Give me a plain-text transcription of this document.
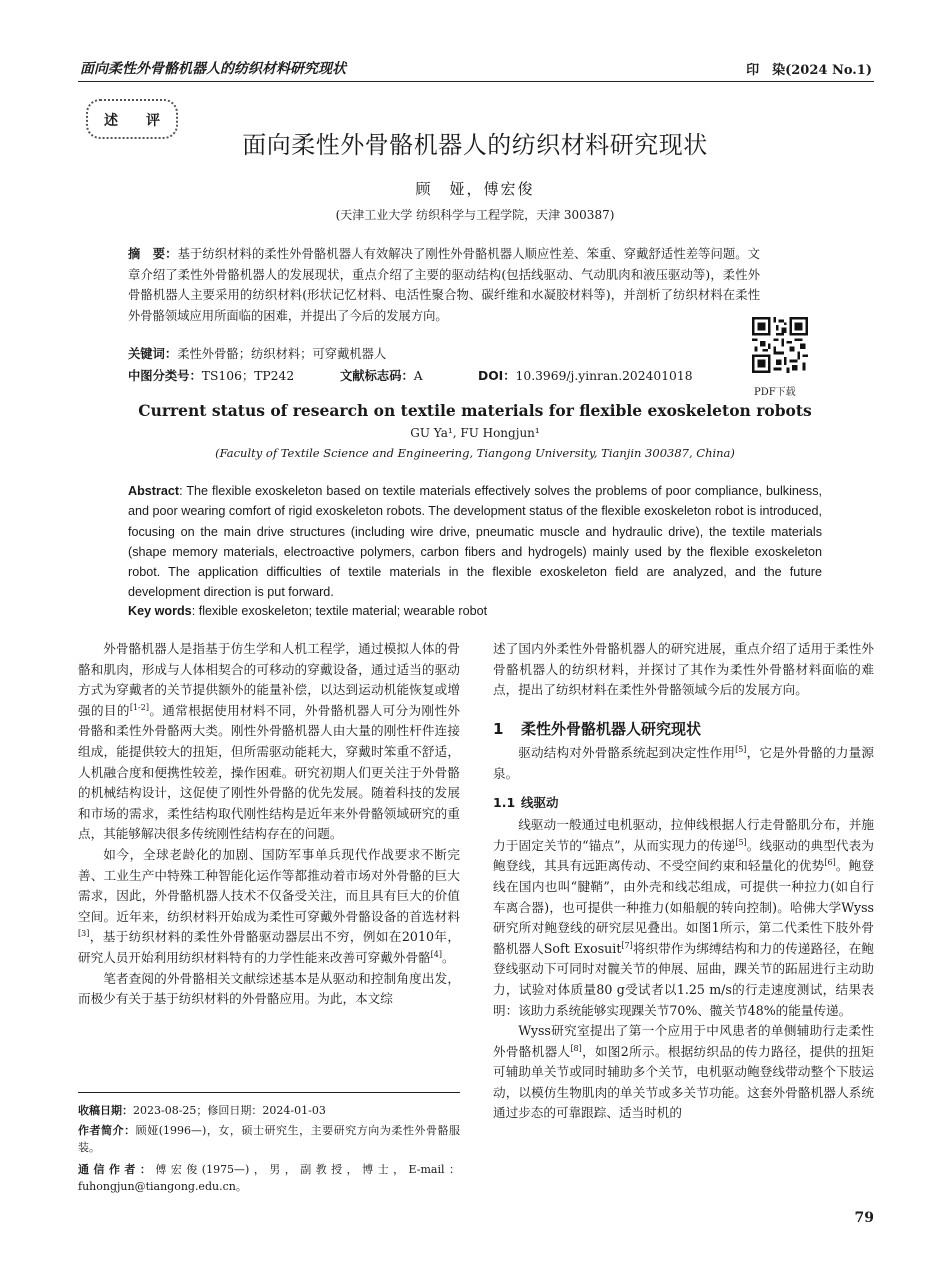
面向柔性外骨骼机器人的纺织材料研究现状	印　染(2024 No.1)
述 评
面向柔性外骨骼机器人的纺织材料研究现状
顾　娅，傅宏俊
(天津工业大学 纺织科学与工程学院，天津 300387)
摘　要：基于纺织材料的柔性外骨骼机器人有效解决了刚性外骨骼机器人顺应性差、笨重、穿戴舒适性差等问题。文章介绍了柔性外骨骼机器人的发展现状，重点介绍了主要的驱动结构(包括线驱动、气动肌肉和液压驱动等)，柔性外骨骼机器人主要采用的纺织材料(形状记忆材料、电活性聚合物、碳纤维和水凝胶材料等)，并剖析了纺织材料在柔性外骨骼领域应用所面临的困难，并提出了今后的发展方向。
关键词：柔性外骨骼；纺织材料；可穿戴机器人
中图分类号：TS106；TP242	文献标志码：A	DOI：10.3969/j.yinran.202401018
PDF下载
Current status of research on textile materials for flexible exoskeleton robots
GU Ya¹, FU Hongjun¹
(Faculty of Textile Science and Engineering, Tiangong University, Tianjin 300387, China)
Abstract: The flexible exoskeleton based on textile materials effectively solves the problems of poor compliance, bulkiness, and poor wearing comfort of rigid exoskeleton robots. The development status of the flexible exoskeleton robot is introduced, focusing on the main drive structures (including wire drive, pneumatic muscle and hydraulic drive), the textile materials (shape memory materials, electroactive polymers, carbon fibers and hydrogels) mainly used by the flexible exoskeleton robot. The application difficulties of textile materials in the flexible exoskeleton field are analyzed, and the future development direction is put forward.
Key words: flexible exoskeleton; textile material; wearable robot

外骨骼机器人是指基于仿生学和人机工程学，通过模拟人体的骨骼和肌肉，形成与人体相契合的可移动的穿戴设备，通过适当的驱动方式为穿戴者的关节提供额外的能量补偿，以达到运动机能恢复或增强的目的[1-2]。通常根据使用材料不同，外骨骼机器人可分为刚性外骨骼和柔性外骨骼两大类。刚性外骨骼机器人由大量的刚性杆件连接组成，能提供较大的扭矩，但所需驱动能耗大，穿戴时笨重不舒适，人机融合度和便携性较差，操作困难。研究初期人们更关注于外骨骼的机械结构设计，这促使了刚性外骨骼的优先发展。随着科技的发展和市场的需求，柔性结构取代刚性结构是近年来外骨骼领域研究的重点，其能够解决很多传统刚性结构存在的问题。

如今，全球老龄化的加剧、国防军事单兵现代作战要求不断完善、工业生产中特殊工种智能化运作等都推动着市场对外骨骼的巨大需求，因此，外骨骼机器人技术不仅备受关注，而且具有巨大的价值空间。近年来，纺织材料开始成为柔性可穿戴外骨骼设备的首选材料[3]，基于纺织材料的柔性外骨骼驱动器层出不穷，例如在2010年，研究人员开始利用纺织材料特有的力学性能来改善可穿戴外骨骼[4]。

笔者查阅的外骨骼相关文献综述基本是从驱动和控制角度出发，而极少有关于基于纺织材料的外骨骼应用。为此，本文综

收稿日期：2023-08-25；修回日期：2024-01-03
作者简介：顾娅(1996—)，女，硕士研究生，主要研究方向为柔性外骨骼服装。
通信作者：傅宏俊(1975—)，男，副教授，博士，E-mail：fuhongjun@tiangong.edu.cn。

述了国内外柔性外骨骼机器人的研究进展，重点介绍了适用于柔性外骨骼机器人的纺织材料，并探讨了其作为柔性外骨骼材料面临的难点，提出了纺织材料在柔性外骨骼领域今后的发展方向。

1 柔性外骨骼机器人研究现状

驱动结构对外骨骼系统起到决定性作用[5]，它是外骨骼的力量源泉。

1.1 线驱动

线驱动一般通过电机驱动，拉伸线根据人行走骨骼肌分布，并施力于固定关节的“锚点”，从而实现力的传递[5]。线驱动的典型代表为鲍登线，其具有远距离传动、不受空间约束和轻量化的优势[6]。鲍登线在国内也叫“腱鞘”，由外壳和线芯组成，可提供一种拉力(如自行车离合器)，也可提供一种推力(如船舰的转向控制)。哈佛大学Wyss研究所对鲍登线的研究层见叠出。如图1所示，第二代柔性下肢外骨骼机器人Soft Exosuit[7]将织带作为绑缚结构和力的传递路径，在鲍登线驱动下可同时对髋关节的伸展、屈曲，踝关节的跖屈进行主动助力，试验对体质量80 g受试者以1.25 m/s的行走速度测试，结果表明：该助力系统能够实现踝关节70%、髋关节48%的能量传递。

Wyss研究室提出了第一个应用于中风患者的单侧辅助行走柔性外骨骼机器人[8]，如图2所示。根据纺织品的传力路径，提供的扭矩可辅助单关节或同时辅助多个关节，电机驱动鲍登线带动整个下肢运动，以模仿生物肌肉的单关节或多关节功能。这套外骨骼机器人系统通过步态的可靠跟踪、适当时机的

79
